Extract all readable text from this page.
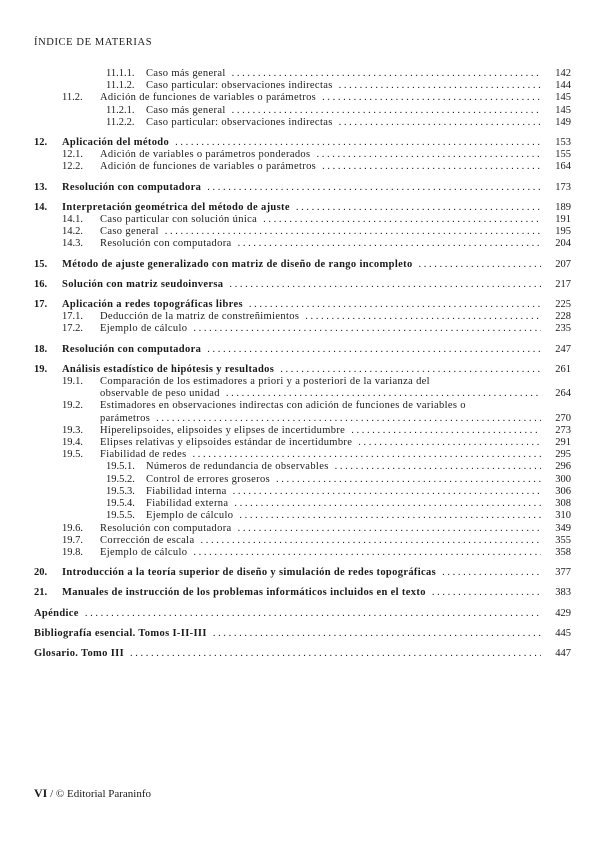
ÍNDICE DE MATERIAS
11.1.1. Caso más general . . .	142
11.1.2. Caso particular: observaciones indirectas . . .	144
11.2. Adición de funciones de variables o parámetros . . .	145
11.2.1. Caso más general . . .	145
11.2.2. Caso particular: observaciones indirectas . . .	149
12. Aplicación del método . . .	153
12.1. Adición de variables o parámetros ponderados . . .	155
12.2. Adición de funciones de variables o parámetros . . .	164
13. Resolución con computadora . . .	173
14. Interpretación geométrica del método de ajuste . . .	189
14.1. Caso particular con solución única . . .	191
14.2. Caso general . . .	195
14.3. Resolución con computadora . . .	204
15. Método de ajuste generalizado con matriz de diseño de rango incompleto . . .	207
16. Solución con matriz seudoinversa . . .	217
17. Aplicación a redes topográficas libres . . .	225
17.1. Deducción de la matriz de constreñimientos . . .	228
17.2. Ejemplo de cálculo . . .	235
18. Resolución con computadora . . .	247
19. Análisis estadístico de hipótesis y resultados . . .	261
19.1.	Comparación de los estimadores a priori y a posteriori de la varianza del
observable de peso unidad . . .	264
19.2.	Estimadores en observaciones indirectas con adición de funciones de variables o
parámetros . . .	270
19.3. Hiperelipsoides, elipsoides y elipses de incertidumbre . . .	273
19.4. Elipses relativas y elipsoides estándar de incertidumbre . . .	291
19.5. Fiabilidad de redes . . .	295
19.5.1. Números de redundancia de observables . . .	296
19.5.2. Control de errores groseros . . .	300
19.5.3. Fiabilidad interna . . .	306
19.5.4. Fiabilidad externa . . .	308
19.5.5. Ejemplo de cálculo . . .	310
19.6. Resolución con computadora . . .	349
19.7. Corrección de escala . . .	355
19.8. Ejemplo de cálculo . . .	358
20. Introducción a la teoría superior de diseño y simulación de redes topográficas . . .	377
21. Manuales de instrucción de los problemas informáticos incluidos en el texto . . .	383
Apéndice . . .	429
Bibliografía esencial. Tomos I-II-III . . .	445
Glosario. Tomo III . . .	447
VI / © Editorial Paraninfo
